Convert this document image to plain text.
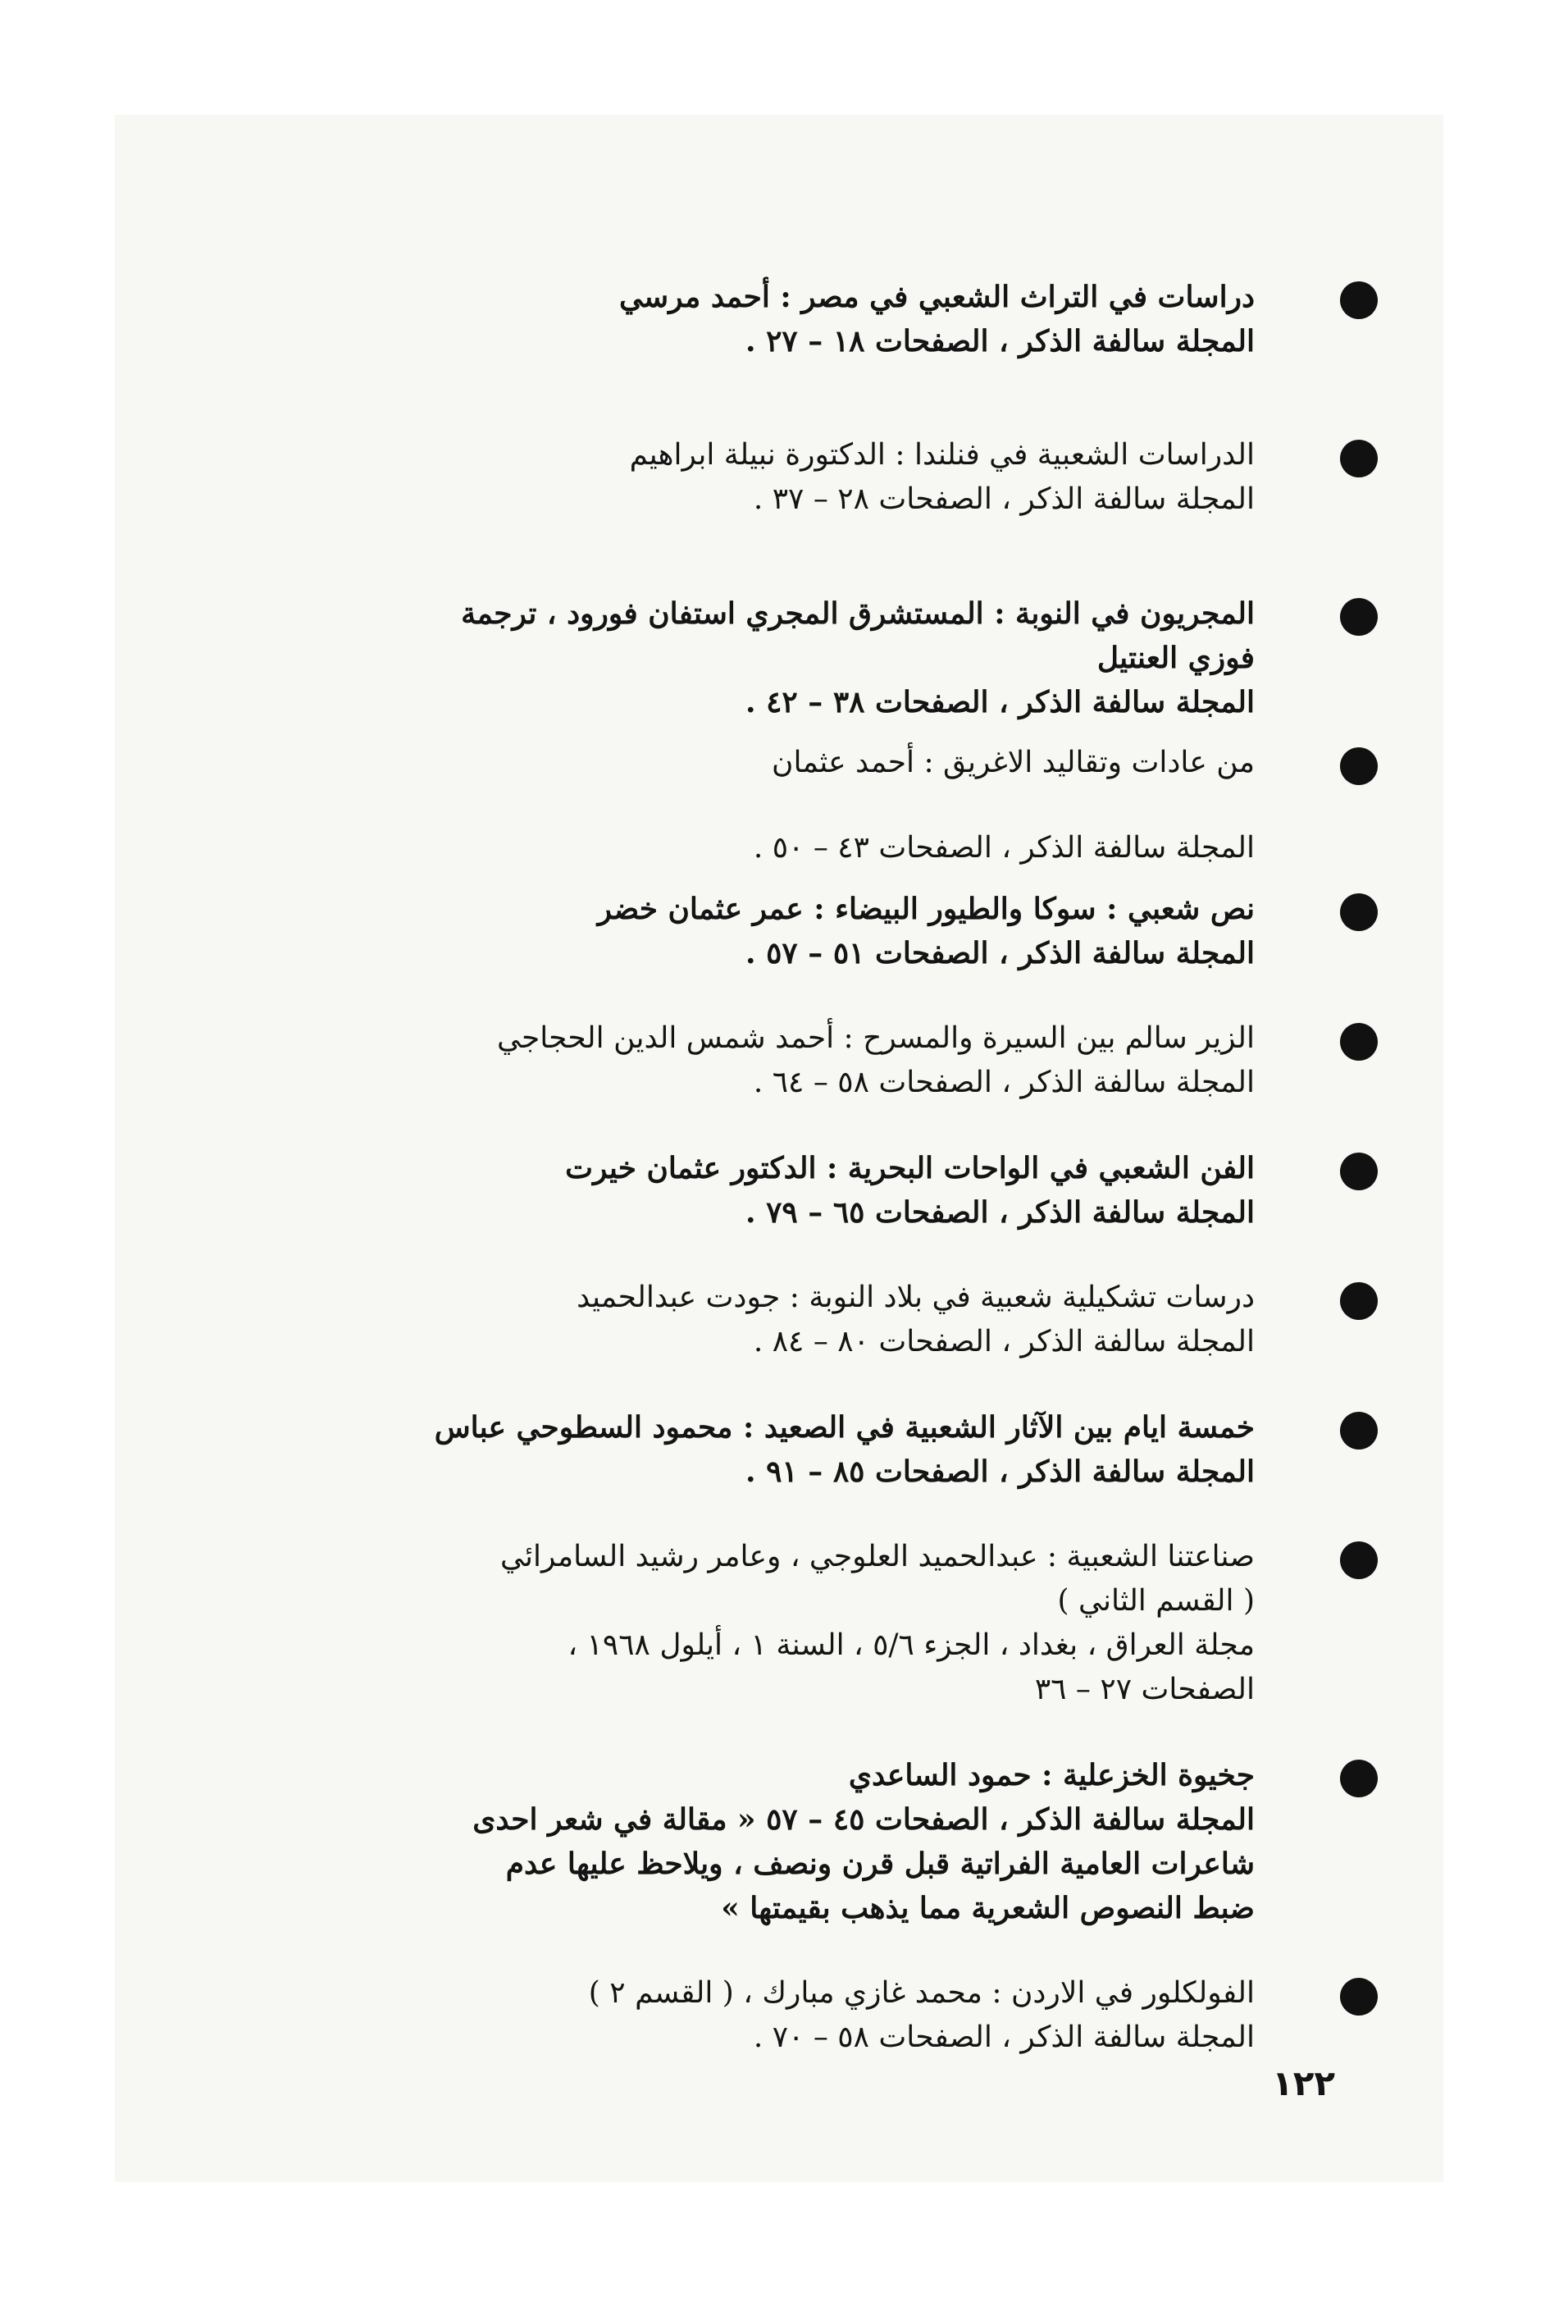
دراسات في التراث الشعبي في مصر : أحمد مرسي
المجلة سالفة الذكر ، الصفحات ١٨ – ٢٧ .
الدراسات الشعبية في فنلندا : الدكتورة نبيلة ابراهيم
المجلة سالفة الذكر ، الصفحات ٢٨ – ٣٧ .
المجريون في النوبة : المستشرق المجري استفان فورود ، ترجمة
فوزي العنتيل
المجلة سالفة الذكر ، الصفحات ٣٨ – ٤٢ .
من عادات وتقاليد الاغريق : أحمد عثمان
المجلة سالفة الذكر ، الصفحات ٤٣ – ٥٠ .
نص شعبي : سوكا والطيور البيضاء : عمر عثمان خضر
المجلة سالفة الذكر ، الصفحات ٥١ – ٥٧ .
الزير سالم بين السيرة والمسرح : أحمد شمس الدين الحجاجي
المجلة سالفة الذكر ، الصفحات ٥٨ – ٦٤ .
الفن الشعبي في الواحات البحرية : الدكتور عثمان خيرت
المجلة سالفة الذكر ، الصفحات ٦٥ – ٧٩ .
درسات تشكيلية شعبية في بلاد النوبة : جودت عبدالحميد
المجلة سالفة الذكر ، الصفحات ٨٠ – ٨٤ .
خمسة ايام بين الآثار الشعبية في الصعيد : محمود السطوحي عباس
المجلة سالفة الذكر ، الصفحات ٨٥ – ٩١ .
صناعتنا الشعبية : عبدالحميد العلوجي ، وعامر رشيد السامرائي
( القسم الثاني )
مجلة العراق ، بغداد ، الجزء ٥/٦ ، السنة ١ ، أيلول ١٩٦٨ ،
الصفحات ٢٧ – ٣٦
جخيوة الخزعلية : حمود الساعدي
المجلة سالفة الذكر ، الصفحات ٤٥ – ٥٧ « مقالة في شعر احدى
شاعرات العامية الفراتية قبل قرن ونصف ، ويلاحظ عليها عدم
ضبط النصوص الشعرية مما يذهب بقيمتها »
الفولكلور في الاردن : محمد غازي مبارك ، ( القسم ٢ )
المجلة سالفة الذكر ، الصفحات ٥٨ – ٧٠ .
١٢٢
